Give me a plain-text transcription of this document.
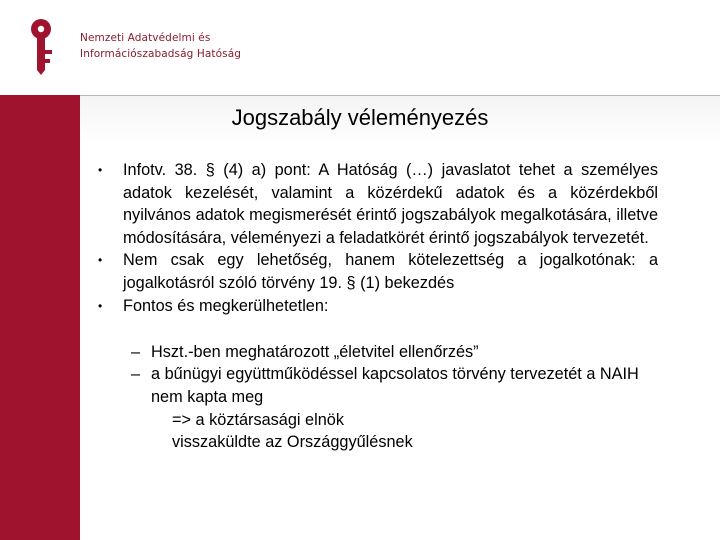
Nemzeti Adatvédelmi és
Információszabadság Hatóság
Jogszabály véleményezés
• Infotv. 38. § (4) a) pont: A Hatóság (…) javaslatot tehet a személyes adatok kezelését, valamint a közérdekű adatok és a közérdekből nyilvános adatok megismerését érintő jogszabályok megalkotására, illetve módosítására, véleményezi a feladatkörét érintő jogszabályok tervezetét.
• Nem csak egy lehetőség, hanem kötelezettség a jogalkotónak: a jogalkotásról szóló törvény 19. § (1) bekezdés
• Fontos és megkerülhetetlen:
– Hszt.-ben meghatározott „életvitel ellenőrzés”
– a bűnügyi együttműködéssel kapcsolatos törvény tervezetét a NAIH nem kapta meg
=> a köztársasági elnök visszaküldte az Országgyűlésnek
